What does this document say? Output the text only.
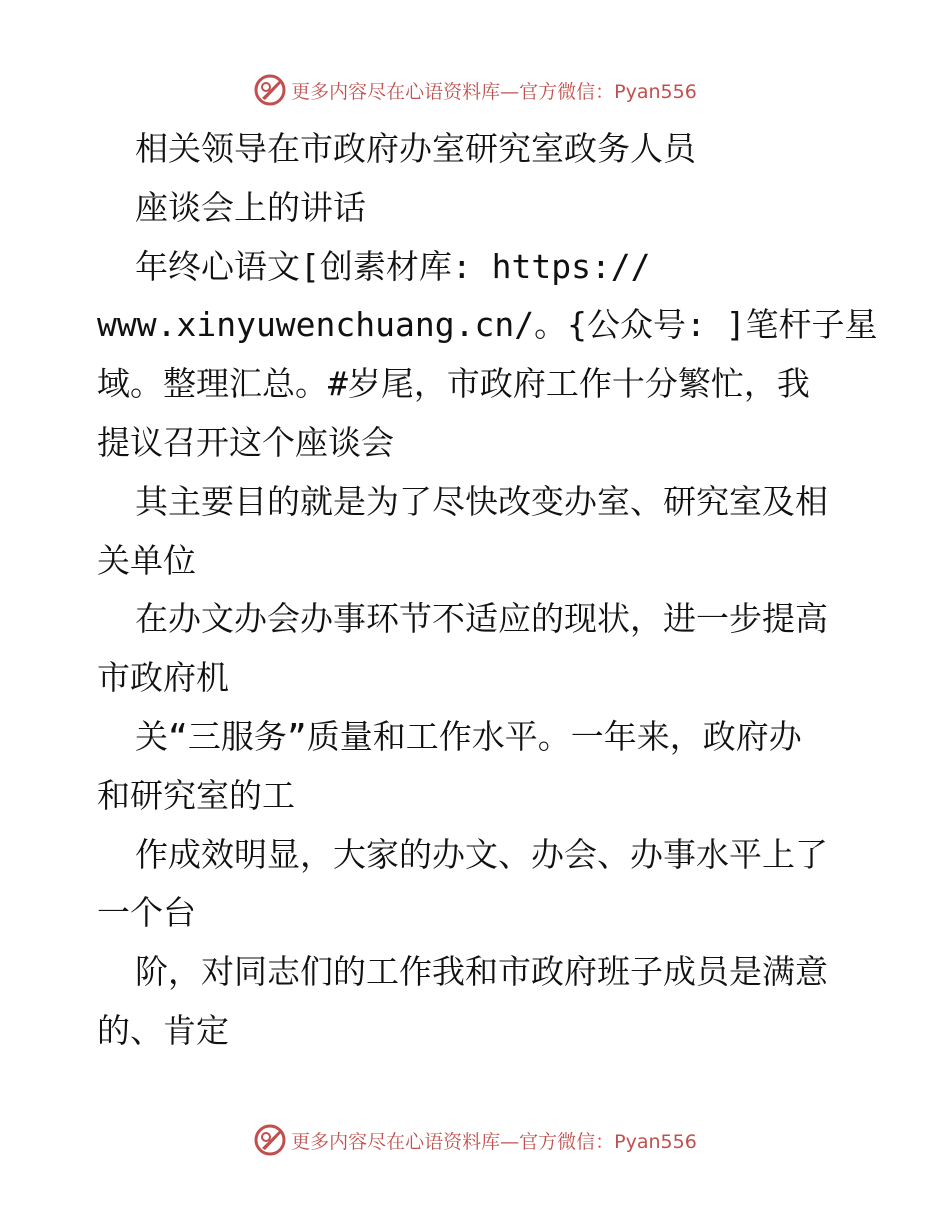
更多内容尽在心语资料库—官方微信：Pyan556
相关领导在市政府办室研究室政务人员
座谈会上的讲话
年终心语文[创素材库: https://
www.xinyuwenchuang.cn/。{公众号: ]笔杆子星
域。整理汇总。#岁尾，市政府工作十分繁忙，我
提议召开这个座谈会
其主要目的就是为了尽快改变办室、研究室及相
关单位
在办文办会办事环节不适应的现状，进一步提高
市政府机
关“三服务”质量和工作水平。一年来，政府办
和研究室的工
作成效明显，大家的办文、办会、办事水平上了
一个台
阶，对同志们的工作我和市政府班子成员是满意
的、肯定
更多内容尽在心语资料库—官方微信：Pyan556
